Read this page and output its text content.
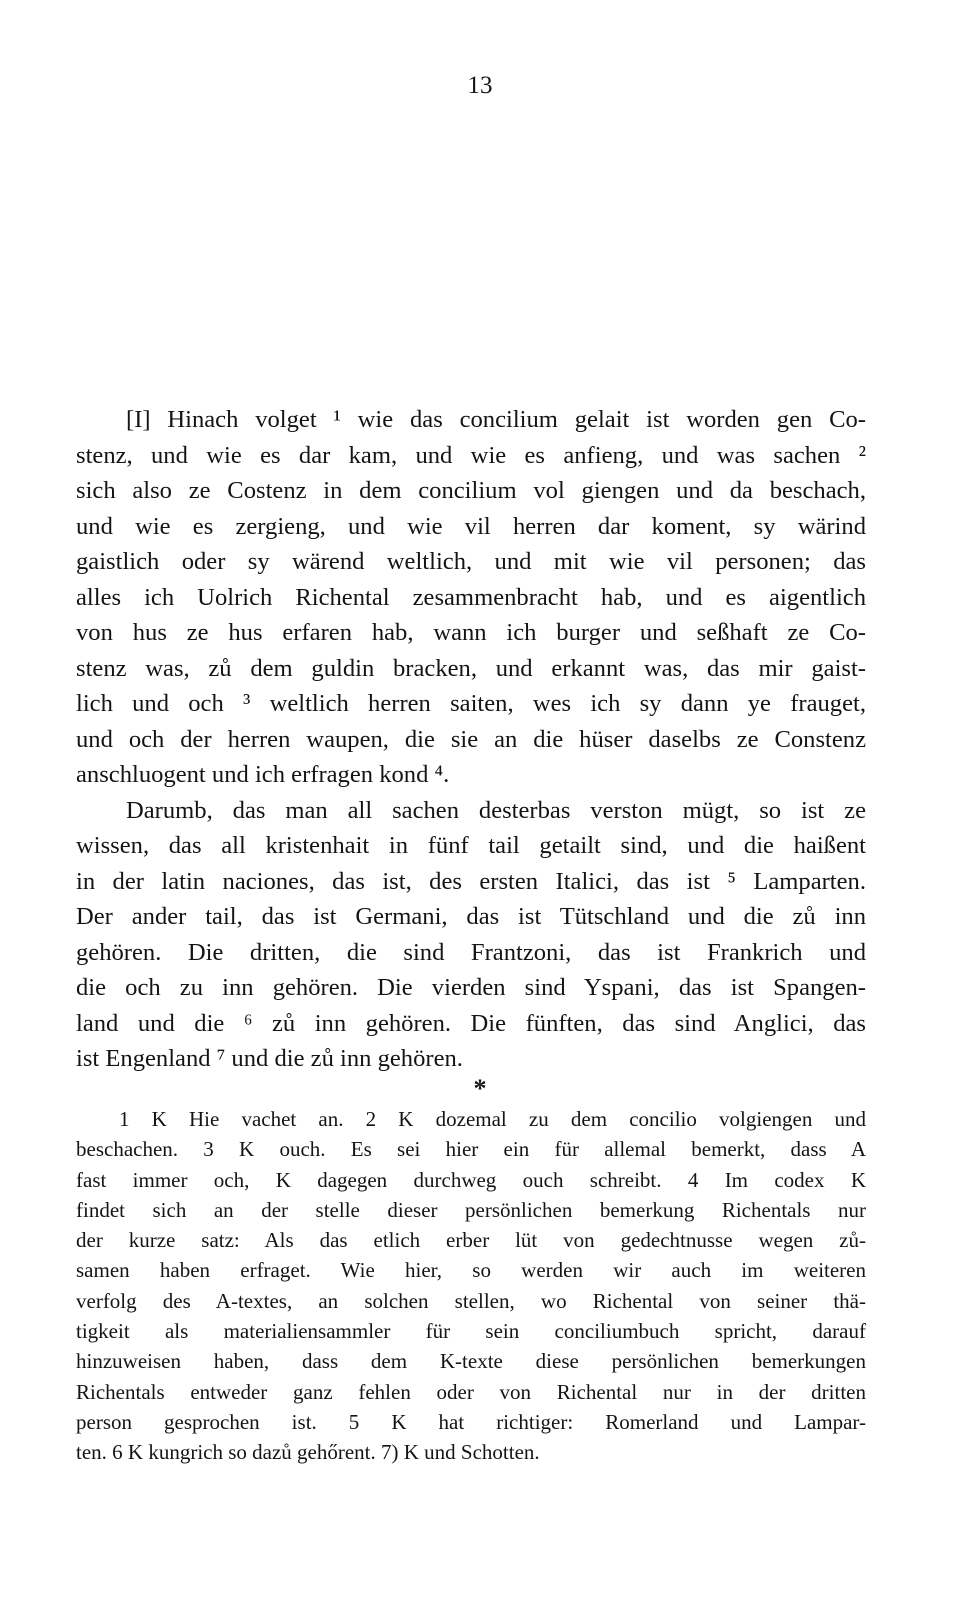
13
[I] Hinach volget ¹ wie das concilium gelait ist worden gen Co-
stenz, und wie es dar kam, und wie es anfieng, und was sachen ²
sich also ze Costenz in dem concilium vol giengen und da beschach,
und wie es zergieng, und wie vil herren dar koment, sy wärind
gaistlich oder sy wärend weltlich, und mit wie vil personen; das
alles ich Uolrich Richental zesammenbracht hab, und es aigentlich
von hus ze hus erfaren hab, wann ich burger und seßhaft ze Co-
stenz was, zů dem guldin bracken, und erkannt was, das mir gaist-
lich und och ³ weltlich herren saiten, wes ich sy dann ye frauget,
und och der herren waupen, die sie an die hüser daselbs ze Constenz
anschluogent und ich erfragen kond ⁴.
Darumb, das man all sachen desterbas verston mügt, so ist ze
wissen, das all kristenhait in fünf tail getailt sind, und die haißent
in der latin naciones, das ist, des ersten Italici, das ist ⁵ Lamparten.
Der ander tail, das ist Germani, das ist Tütschland und die zů inn
gehören. Die dritten, die sind Frantzoni, das ist Frankrich und
die och zu inn gehören. Die vierden sind Yspani, das ist Spangen-
land und die ⁶ zů inn gehören. Die fünften, das sind Anglici, das
ist Engenland ⁷ und die zů inn gehören.
*
1 K Hie vachet an. 2 K dozemal zu dem concilio volgiengen und
beschachen. 3 K ouch. Es sei hier ein für allemal bemerkt, dass A
fast immer och, K dagegen durchweg ouch schreibt. 4 Im codex K
findet sich an der stelle dieser persönlichen bemerkung Richentals nur
der kurze satz: Als das etlich erber lüt von gedechtnusse wegen zů-
samen haben erfraget. Wie hier, so werden wir auch im weiteren
verfolg des A-textes, an solchen stellen, wo Richental von seiner thä-
tigkeit als materialiensammler für sein conciliumbuch spricht, darauf
hinzuweisen haben, dass dem K-texte diese persönlichen bemerkungen
Richentals entweder ganz fehlen oder von Richental nur in der dritten
person gesprochen ist. 5 K hat richtiger: Romerland und Lampar-
ten. 6 K kungrich so dazů gehőrent. 7) K und Schotten.
